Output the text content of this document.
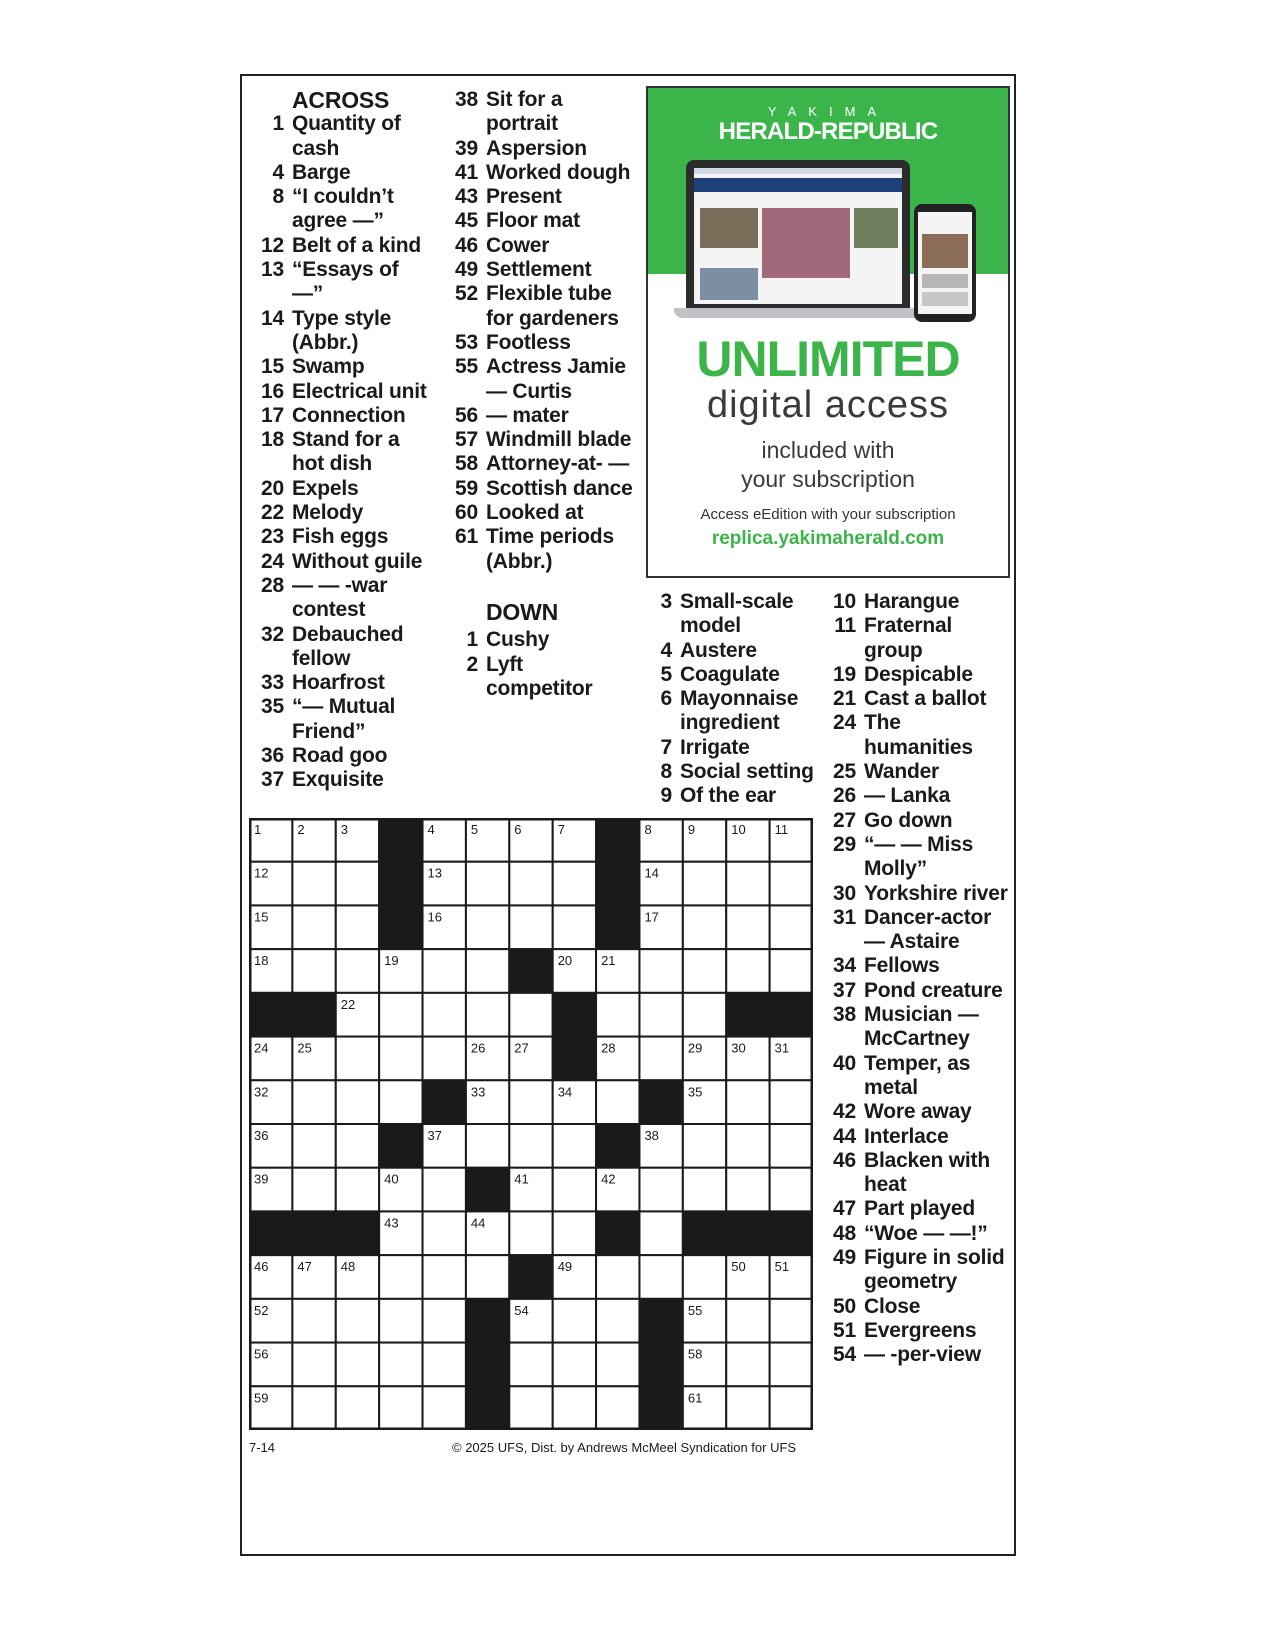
ACROSS
1 Quantity of cash
4 Barge
8 “I couldn’t agree —”
12 Belt of a kind
13 “Essays of —”
14 Type style (Abbr.)
15 Swamp
16 Electrical unit
17 Connection
18 Stand for a hot dish
20 Expels
22 Melody
23 Fish eggs
24 Without guile
28 — — -war contest
32 Debauched fellow
33 Hoarfrost
35 “— Mutual Friend”
36 Road goo
37 Exquisite
38 Sit for a portrait
39 Aspersion
41 Worked dough
43 Present
45 Floor mat
46 Cower
49 Settlement
52 Flexible tube for gardeners
53 Footless
55 Actress Jamie — Curtis
56 — mater
57 Windmill blade
58 Attorney-at- —
59 Scottish dance
60 Looked at
61 Time periods (Abbr.)
DOWN
1 Cushy
2 Lyft competitor
3 Small-scale model
4 Austere
5 Coagulate
6 Mayonnaise ingredient
7 Irrigate
8 Social setting
9 Of the ear
10 Harangue
11 Fraternal group
19 Despicable
21 Cast a ballot
24 The humanities
25 Wander
26 — Lanka
27 Go down
29 “— — Miss Molly”
30 Yorkshire river
31 Dancer-actor — Astaire
34 Fellows
37 Pond creature
38 Musician — McCartney
40 Temper, as metal
42 Wore away
44 Interlace
46 Blacken with heat
47 Part played
48 “Woe — —!”
49 Figure in solid geometry
50 Close
51 Evergreens
54 — -per-view
YAKIMA
HERALD-REPUBLIC
UNLIMITED
digital access
included with
your subscription
Access eEdition with your subscription
replica.yakimaherald.com
1	2	3	4	5	6	7	8	9	10 11
12	13	14
15	16	17
18	19	20 21
22	23
24 25	26 27	28	29 30 31
32	33	34	35
36	37	38
39	40	41	42
43	44	45
46 47 48	49	50 51
52	53 54	55
56	57	58
59	60	61
7-14	© 2025 UFS, Dist. by Andrews McMeel Syndication for UFS
